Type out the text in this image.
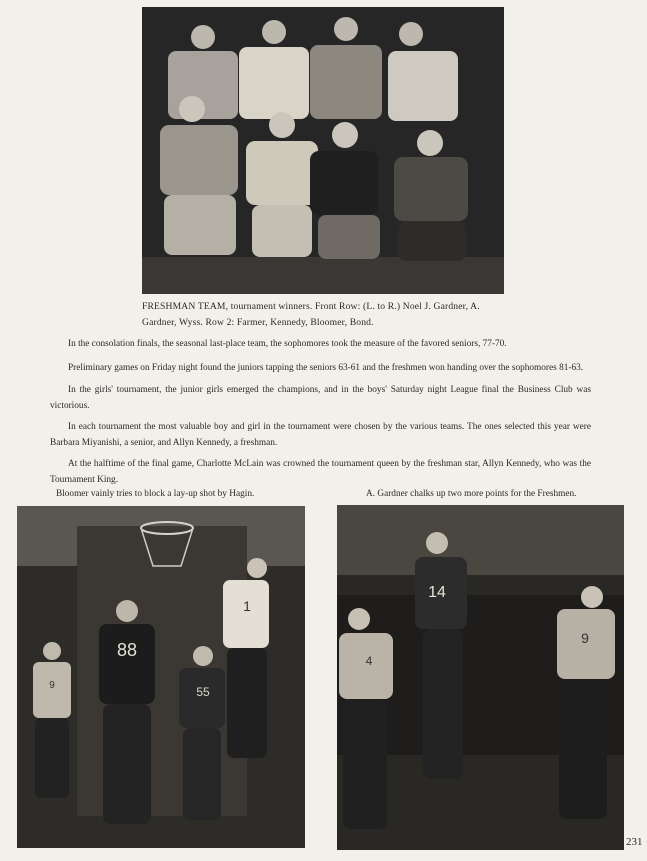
FRESHMAN TEAM, tournament winners. Front Row: (L. to R.) Noel J. Gardner, A. Gardner, Wyss. Row 2: Farmer, Kennedy, Bloomer, Bond.

In the consolation finals, the seasonal last-place team, the sophomores took the measure of the favored seniors, 77-70.

Preliminary games on Friday night found the juniors tapping the seniors 63-61 and the freshmen won handing over the sophomores 81-63.

In the girls' tournament, the junior girls emerged the champions, and in the boys' Saturday night League final the Business Club was victorious.

In each tournament the most valuable boy and girl in the tournament were chosen by the various teams. The ones selected this year were Barbara Miyanishi, a senior, and Allyn Kennedy, a freshman.

At the halftime of the final game, Charlotte McLain was crowned the tournament queen by the freshman star, Allyn Kennedy, who was the Tournament King.

Bloomer vainly tries to block a lay-up shot by Hagin.	A. Gardner chalks up two more points for the Freshmen.
88
1
55
9
14
9
4
231
